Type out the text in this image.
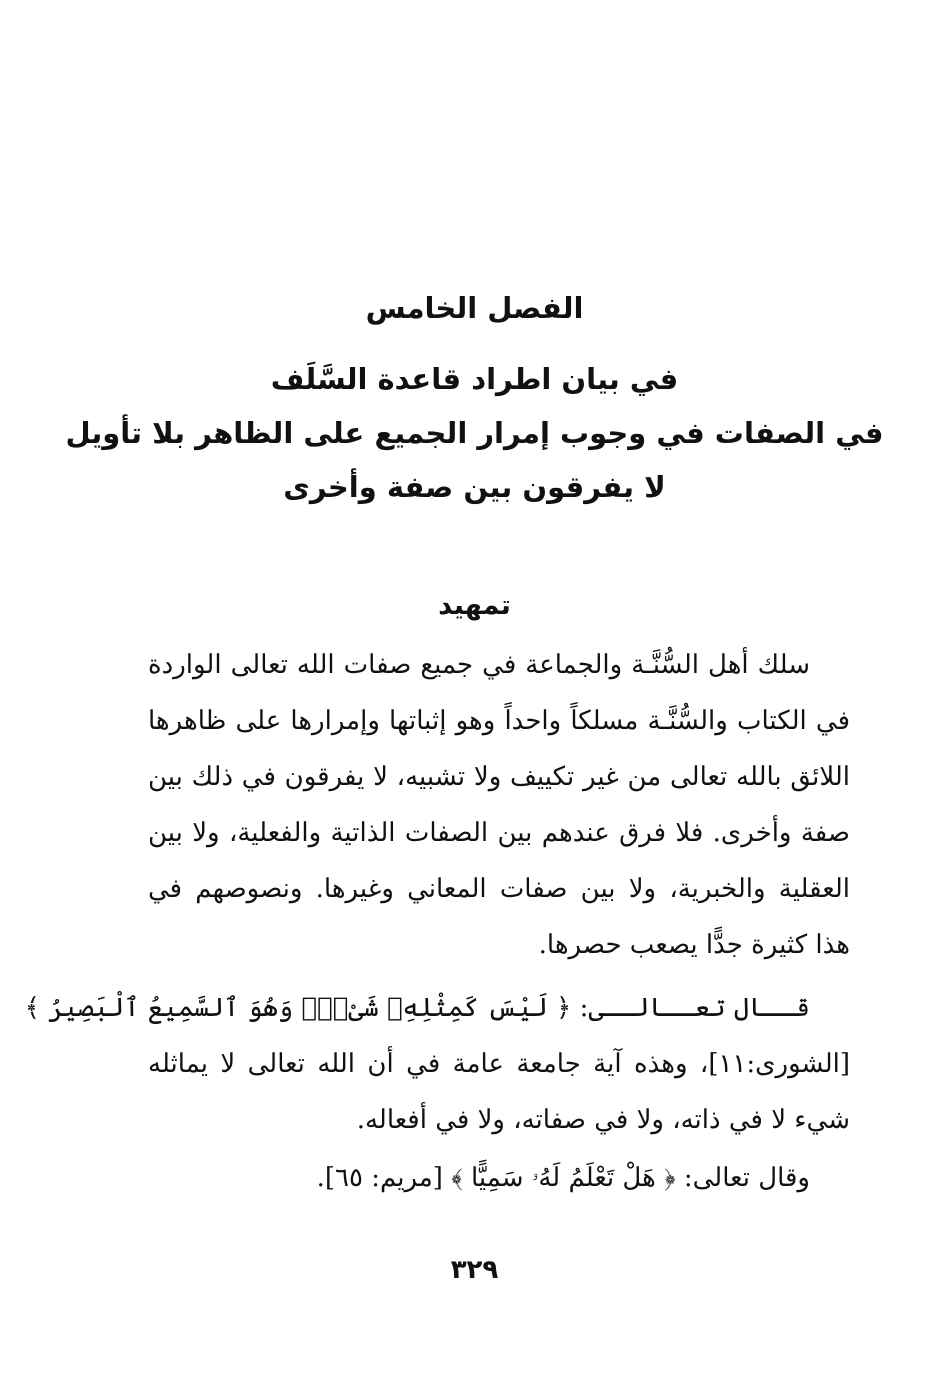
الفصل الخامس
في بيان اطراد قاعدة السَّلَف
في الصفات في وجوب إمرار الجميع على الظاهر بلا تأويل
لا يفرقون بين صفة وأخرى
تمهيد
سلك أهل السُّنَّـة والجماعة في جميع صفات الله تعالى الواردة
في الكتاب والسُّنَّـة مسلكاً واحداً وهو إثباتها وإمرارها على ظاهرها
اللائق بالله تعالى من غير تكييف ولا تشبيه، لا يفرقون في ذلك بين
صفة وأخرى. فلا فرق عندهم بين الصفات الذاتية والفعلية، ولا بين
العقلية والخبرية، ولا بين صفات المعاني وغيرها. ونصوصهم في
هذا كثيرة جدًّا يصعب حصرها.
قــال تعــالــى: ﴿ لَيْسَ كَمِثْلِهِۦ شَىْءٌۖ وَهُوَ ٱلسَّمِيعُ ٱلْبَصِيرُ ﴾
[الشورى:١١]، وهذه آية جامعة عامة في أن الله تعالى لا يماثله
شيء لا في ذاته، ولا في صفاته، ولا في أفعاله.
وقال تعالى: ﴿ هَلْ تَعْلَمُ لَهُۥ سَمِيًّا ﴾ [مريم: ٦٥].
٣٢٩
